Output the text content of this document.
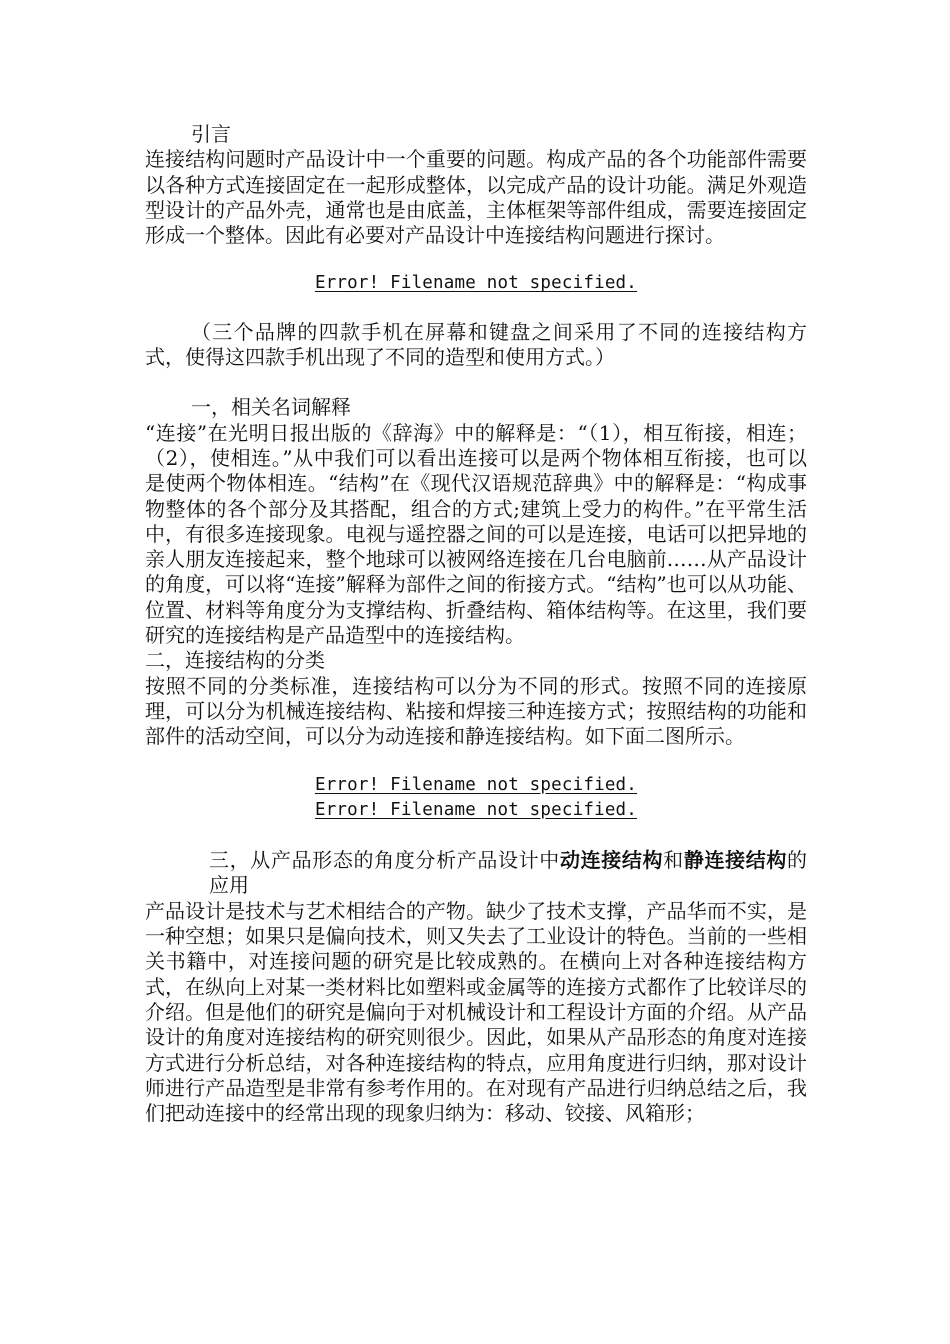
引言

连接结构问题时产品设计中一个重要的问题。构成产品的各个功能部件需要以各种方式连接固定在一起形成整体，以完成产品的设计功能。满足外观造型设计的产品外壳，通常也是由底盖，主体框架等部件组成，需要连接固定形成一个整体。因此有必要对产品设计中连接结构问题进行探讨。

Error! Filename not specified.

（三个品牌的四款手机在屏幕和键盘之间采用了不同的连接结构方式，使得这四款手机出现了不同的造型和使用方式。）

一，相关名词解释

“连接”在光明日报出版的《辞海》中的解释是：“（1），相互衔接，相连；（2），使相连。”从中我们可以看出连接可以是两个物体相互衔接，也可以是使两个物体相连。“结构”在《现代汉语规范辞典》中的解释是：“构成事物整体的各个部分及其搭配，组合的方式;建筑上受力的构件。”在平常生活中，有很多连接现象。电视与遥控器之间的可以是连接，电话可以把异地的亲人朋友连接起来，整个地球可以被网络连接在几台电脑前……从产品设计的角度，可以将“连接”解释为部件之间的衔接方式。“结构”也可以从功能、位置、材料等角度分为支撑结构、折叠结构、箱体结构等。在这里，我们要研究的连接结构是产品造型中的连接结构。

二，连接结构的分类

按照不同的分类标准，连接结构可以分为不同的形式。按照不同的连接原理，可以分为机械连接结构、粘接和焊接三种连接方式；按照结构的功能和部件的活动空间，可以分为动连接和静连接结构。如下面二图所示。

Error! Filename not specified.

Error! Filename not specified.

三，从产品形态的角度分析产品设计中动连接结构和静连接结构的应用

产品设计是技术与艺术相结合的产物。缺少了技术支撑，产品华而不实，是一种空想；如果只是偏向技术，则又失去了工业设计的特色。当前的一些相关书籍中，对连接问题的研究是比较成熟的。在横向上对各种连接结构方式，在纵向上对某一类材料比如塑料或金属等的连接方式都作了比较详尽的介绍。但是他们的研究是偏向于对机械设计和工程设计方面的介绍。从产品设计的角度对连接结构的研究则很少。因此，如果从产品形态的角度对连接方式进行分析总结，对各种连接结构的特点，应用角度进行归纳，那对设计师进行产品造型是非常有参考作用的。在对现有产品进行归纳总结之后，我们把动连接中的经常出现的现象归纳为：移动、铰接、风箱形；
